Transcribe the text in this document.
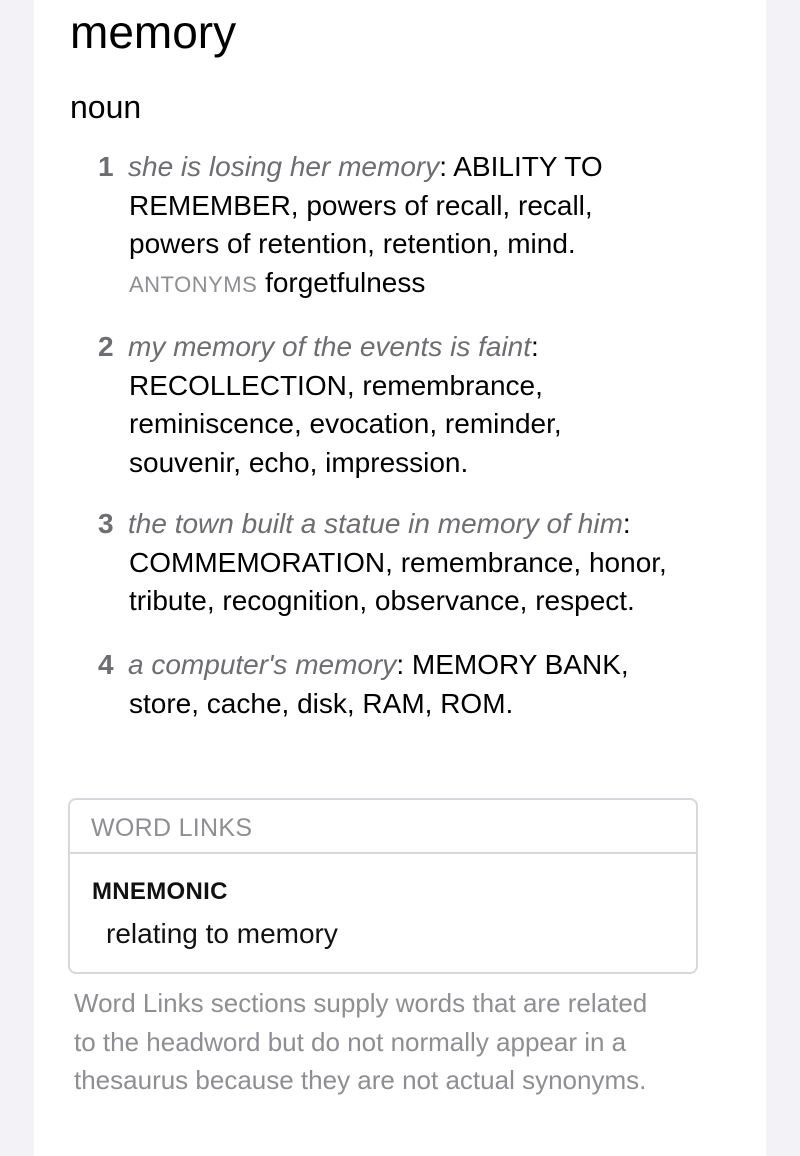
memory
noun
1 she is losing her memory: ABILITY TO
REMEMBER, powers of recall, recall,
powers of retention, retention, mind.
ANTONYMS forgetfulness
2 my memory of the events is faint:
RECOLLECTION, remembrance,
reminiscence, evocation, reminder,
souvenir, echo, impression.
3 the town built a statue in memory of him:
COMMEMORATION, remembrance, honor,
tribute, recognition, observance, respect.
4 a computer's memory: MEMORY BANK,
store, cache, disk, RAM, ROM.
WORD LINKS
MNEMONIC
relating to memory
Word Links sections supply words that are related to the headword but do not normally appear in a thesaurus because they are not actual synonyms.
